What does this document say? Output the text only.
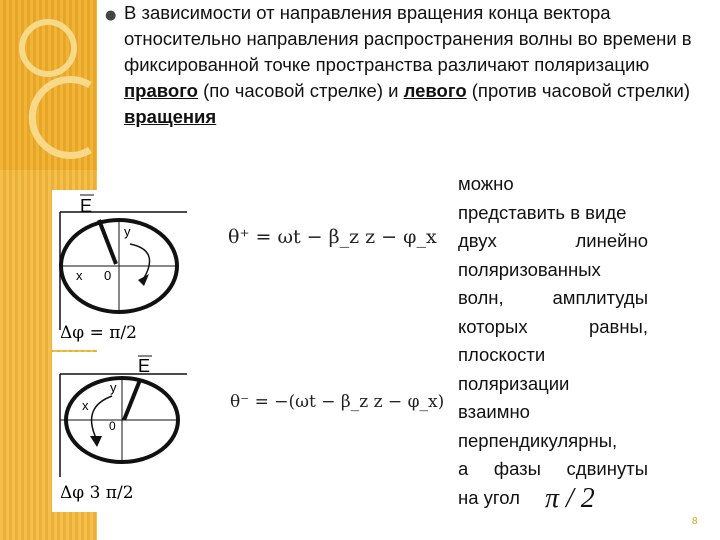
● В зависимости от направления вращения конца вектора относительно направления распространения волны во времени в фиксированной точке пространства различают поляризацию правого (по часовой стрелке) и левого (против часовой стрелки) вращения
E
y
x 0
Δφ = π/2
θ⁺ = ωt − β_z z − φ_x
E
y
x
0
Δφ 3 π/2
θ⁻ = −(ωt − β_z z − φ_x)
можно
представить в виде
двух	линейно
поляризованных
волн,	амплитуды
которых	равны,
плоскости
поляризации
взаимно
перпендикулярны,
а фазы сдвинуты
на угол π / 2
8
